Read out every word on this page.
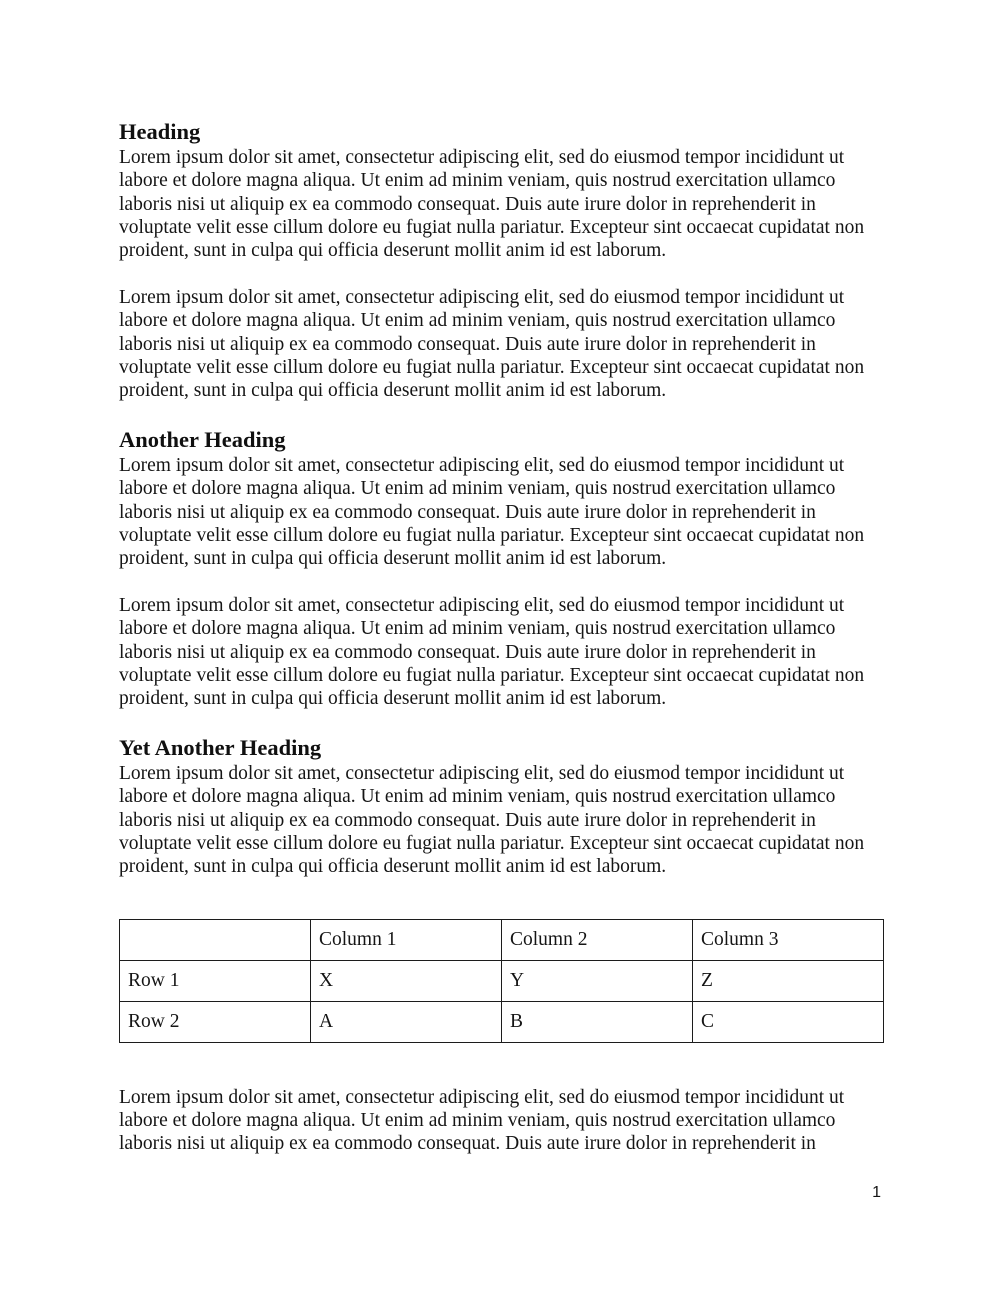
Heading
Lorem ipsum dolor sit amet, consectetur adipiscing elit, sed do eiusmod tempor incididunt ut
labore et dolore magna aliqua. Ut enim ad minim veniam, quis nostrud exercitation ullamco
laboris nisi ut aliquip ex ea commodo consequat. Duis aute irure dolor in reprehenderit in
voluptate velit esse cillum dolore eu fugiat nulla pariatur. Excepteur sint occaecat cupidatat non
proident, sunt in culpa qui officia deserunt mollit anim id est laborum.
Lorem ipsum dolor sit amet, consectetur adipiscing elit, sed do eiusmod tempor incididunt ut
labore et dolore magna aliqua. Ut enim ad minim veniam, quis nostrud exercitation ullamco
laboris nisi ut aliquip ex ea commodo consequat. Duis aute irure dolor in reprehenderit in
voluptate velit esse cillum dolore eu fugiat nulla pariatur. Excepteur sint occaecat cupidatat non
proident, sunt in culpa qui officia deserunt mollit anim id est laborum.
Another Heading
Lorem ipsum dolor sit amet, consectetur adipiscing elit, sed do eiusmod tempor incididunt ut
labore et dolore magna aliqua. Ut enim ad minim veniam, quis nostrud exercitation ullamco
laboris nisi ut aliquip ex ea commodo consequat. Duis aute irure dolor in reprehenderit in
voluptate velit esse cillum dolore eu fugiat nulla pariatur. Excepteur sint occaecat cupidatat non
proident, sunt in culpa qui officia deserunt mollit anim id est laborum.
Lorem ipsum dolor sit amet, consectetur adipiscing elit, sed do eiusmod tempor incididunt ut
labore et dolore magna aliqua. Ut enim ad minim veniam, quis nostrud exercitation ullamco
laboris nisi ut aliquip ex ea commodo consequat. Duis aute irure dolor in reprehenderit in
voluptate velit esse cillum dolore eu fugiat nulla pariatur. Excepteur sint occaecat cupidatat non
proident, sunt in culpa qui officia deserunt mollit anim id est laborum.
Yet Another Heading
Lorem ipsum dolor sit amet, consectetur adipiscing elit, sed do eiusmod tempor incididunt ut
labore et dolore magna aliqua. Ut enim ad minim veniam, quis nostrud exercitation ullamco
laboris nisi ut aliquip ex ea commodo consequat. Duis aute irure dolor in reprehenderit in
voluptate velit esse cillum dolore eu fugiat nulla pariatur. Excepteur sint occaecat cupidatat non
proident, sunt in culpa qui officia deserunt mollit anim id est laborum.
	Column 1	Column 2	Column 3
Row 1	X	Y	Z
Row 2	A	B	C
Lorem ipsum dolor sit amet, consectetur adipiscing elit, sed do eiusmod tempor incididunt ut
labore et dolore magna aliqua. Ut enim ad minim veniam, quis nostrud exercitation ullamco
laboris nisi ut aliquip ex ea commodo consequat. Duis aute irure dolor in reprehenderit in
1
